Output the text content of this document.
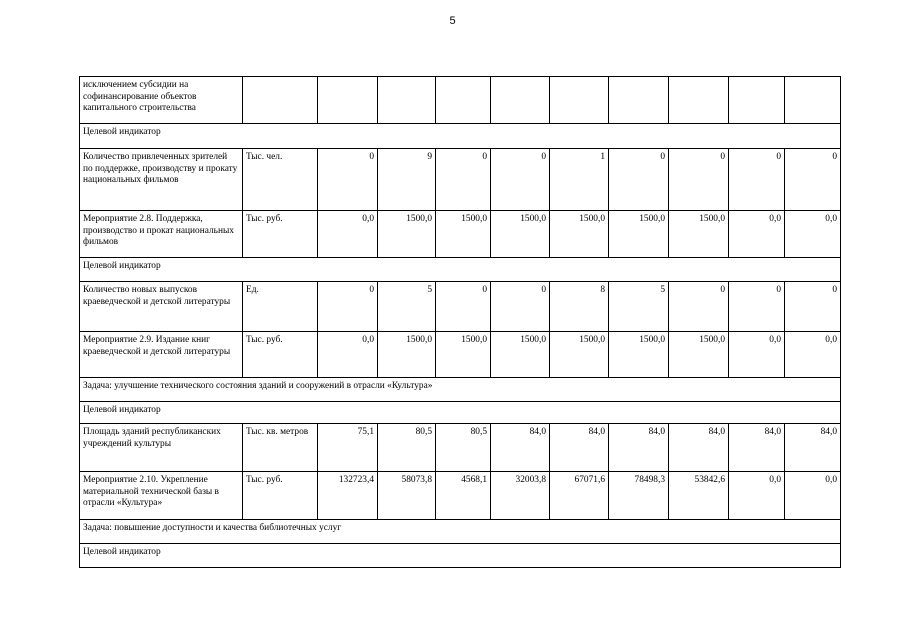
5
исключением субсидии на софинансирование объектов капитального строительства										
Целевой индикатор										
Количество привлеченных зрителей по поддержке, производству и прокату национальных фильмов	Тыс. чел.	0	9	0	0	1	0	0	0	0
Мероприятие 2.8. Поддержка, производство и прокат национальных фильмов	Тыс. руб.	0,0	1500,0	1500,0	1500,0	1500,0	1500,0	1500,0	0,0	0,0
Целевой индикатор										
Количество новых выпусков краеведческой и детской литературы	Ед.	0	5	0	0	8	5	0	0	0
Мероприятие 2.9. Издание книг краеведческой и детской литературы	Тыс. руб.	0,0	1500,0	1500,0	1500,0	1500,0	1500,0	1500,0	0,0	0,0
Задача: улучшение технического состояния зданий и сооружений в отрасли «Культура»										
Целевой индикатор										
Площадь зданий республиканских учреждений культуры	Тыс. кв. метров	75,1	80,5	80,5	84,0	84,0	84,0	84,0	84,0	84,0
Мероприятие 2.10. Укрепление материальной технической базы в отрасли «Культура»	Тыс. руб.	132723,4	58073,8	4568,1	32003,8	67071,6	78498,3	53842,6	0,0	0,0
Задача: повышение доступности и качества библиотечных услуг										
Целевой индикатор										
